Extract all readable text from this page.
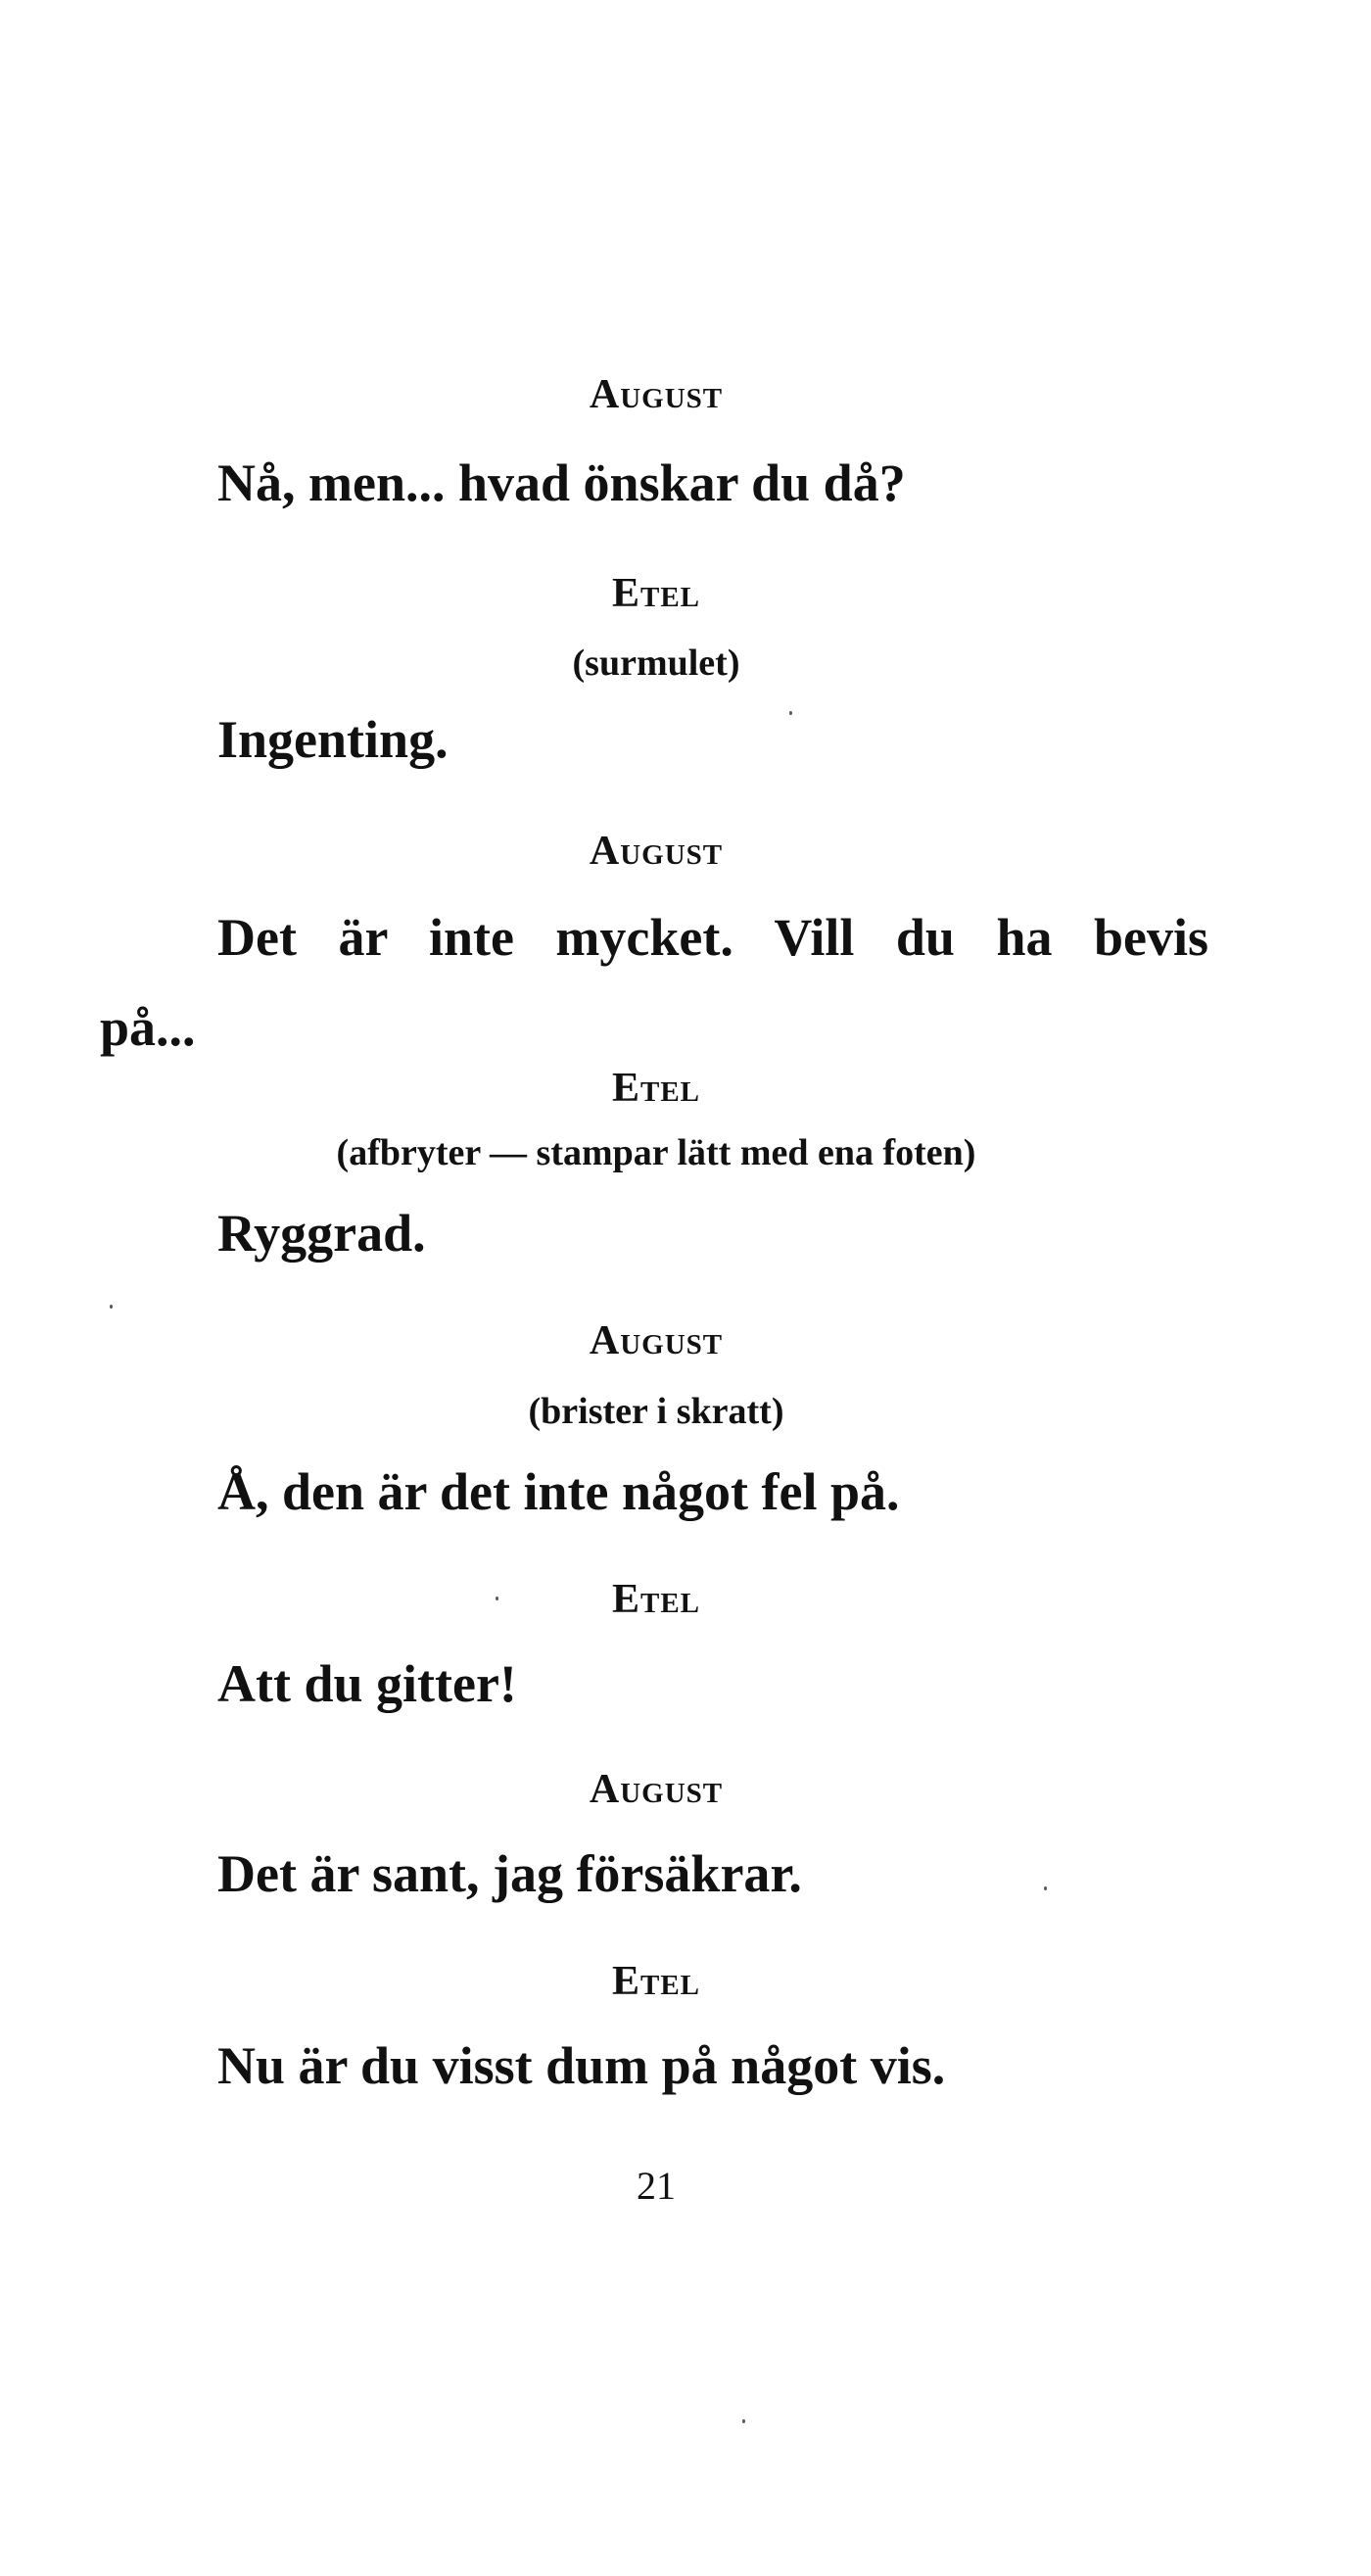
August
Nå, men... hvad önskar du då?
Etel
(surmulet)
Ingenting.
August
Det är inte mycket. Vill du ha bevis
på...
Etel
(afbryter — stampar lätt med ena foten)
Ryggrad.
August
(brister i skratt)
Å, den är det inte något fel på.
Etel
Att du gitter!
August
Det är sant, jag försäkrar.
Etel
Nu är du visst dum på något vis.
21
